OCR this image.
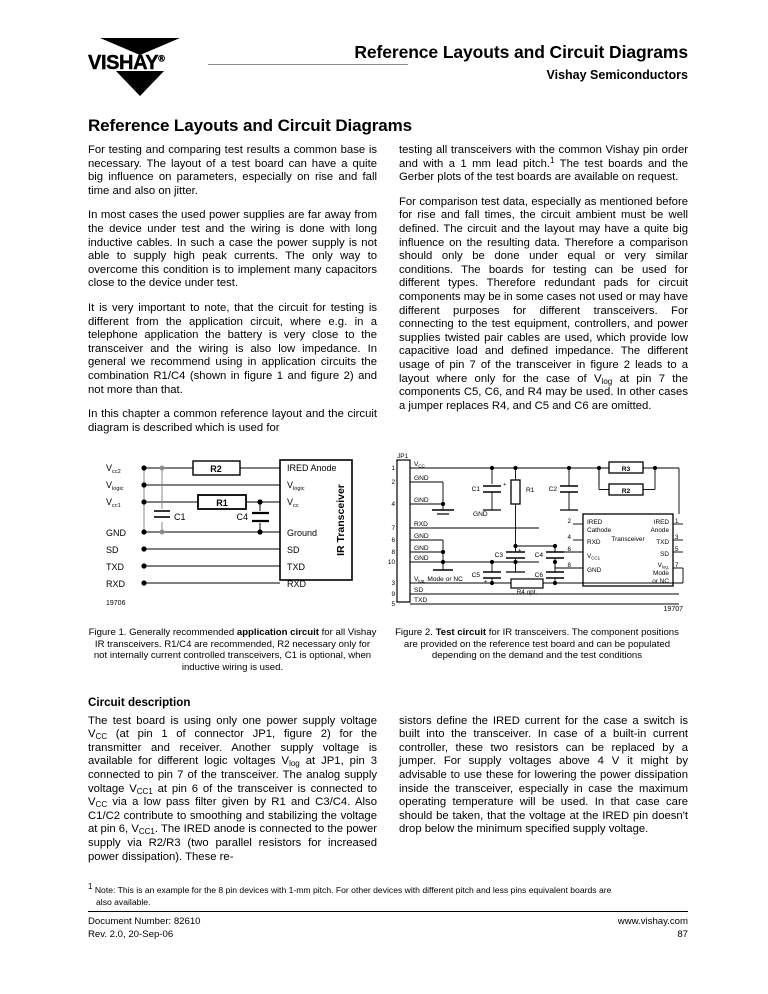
VISHAY®	Reference Layouts and Circuit Diagrams
Vishay Semiconductors
Reference Layouts and Circuit Diagrams

For testing and comparing test results a common base is necessary. The layout of a test board can have a quite big influence on parameters, especially on rise and fall time and also on jitter.

In most cases the used power supplies are far away from the device under test and the wiring is done with long inductive cables. In such a case the power supply is not able to supply high peak currents. The only way to overcome this condition is to implement many capacitors close to the device under test.

It is very important to note, that the circuit for testing is different from the application circuit, where e.g. in a telephone application the battery is very close to the transceiver and the wiring is also low impedance. In general we recommend using in application circuits the combination R1/C4 (shown in figure 1 and figure 2) and not more than that.

In this chapter a common reference layout and the circuit diagram is described which is used for

testing all transceivers with the common Vishay pin order and with a 1 mm lead pitch.$^1$ The test boards and the Gerber plots of the test boards are available on request.

For comparison test data, especially as mentioned before for rise and fall times, the circuit ambient must be well defined. The circuit and the layout may have a quite big influence on the resulting data. Therefore a comparison should only be done under equal or very similar conditions. The boards for testing can be used for different types. Therefore redundant pads for circuit components may be in some cases not used or may have different purposes for different transceivers. For connecting to the test equipment, controllers, and power supplies twisted pair cables are used, which provide low capacitive load and defined impedance. The different usage of pin 7 of the transceiver in figure 2 leads to a layout where only for the case of $V_{log}$ at pin 7 the components C5, C6, and R4 may be used. In other cases a jumper replaces R4, and C5 and C6 are omitted.

$V_{cc2}$
$V_{logic}$
$V_{cc1}$
GND
SD
TXD
RXD
R2
R1
C1	C4
IRED Anode
$V_{logic}$
$V_{cc}$
Ground
SD
TXD
RXD
IR Transceiver
19706
Figure 1. Generally recommended application circuit for all Vishay IR transceivers. R1/C4 are recommended, R2 necessary only for not internally current controlled transceivers, C1 is optional, when inductive wiring is used.
JP1
1
2
4
7
6
8
10
3
9
5
$V_{CC}$
GND
GND
RXD
GND
GND
GND
$V_{log,}$ Mode or NC
SD
TXD
C1
+
R1 C2
R3
R2
GND
C3
+
C4
C5
+
C6
R4 opt.
2
4
6
8
1
3
5
7
IRED
Cathode
RXD
$V_{CC1}$
GND
Transceiver
IRED
Anode
TXD
SD
$V_{log,}$
Mode
or NC
19707
Figure 2. Test circuit for IR transceivers. The component positions are provided on the reference test board and can be populated depending on the demand and the test conditions
Circuit description

The test board is using only one power supply voltage $V_{CC}$ (at pin 1 of connector JP1, figure 2) for the transmitter and receiver. Another supply voltage is available for different logic voltages $V_{log}$ at JP1, pin 3 connected to pin 7 of the transceiver. The analog supply voltage $V_{CC1}$ at pin 6 of the transceiver is connected to $V_{CC}$ via a low pass filter given by R1 and C3/C4. Also C1/C2 contribute to smoothing and stabilizing the voltage at pin 6, $V_{CC1}$. The IRED anode is connected to the power supply via R2/R3 (two parallel resistors for increased power dissipation). These re-

sistors define the IRED current for the case a switch is built into the transceiver. In case of a built-in current controller, these two resistors can be replaced by a jumper. For supply voltages above 4 V it might by advisable to use these for lowering the power dissipation inside the transceiver, especially in case the maximum operating temperature will be used. In that case care should be taken, that the voltage at the IRED pin doesn't drop below the minimum specified supply voltage.

$^1$ Note: This is an example for the 8 pin devices with 1-mm pitch. For other devices with different pitch and less pins equivalent boards are
also available.
Document Number: 82610
Rev. 2.0, 20-Sep-06
www.vishay.com
87
